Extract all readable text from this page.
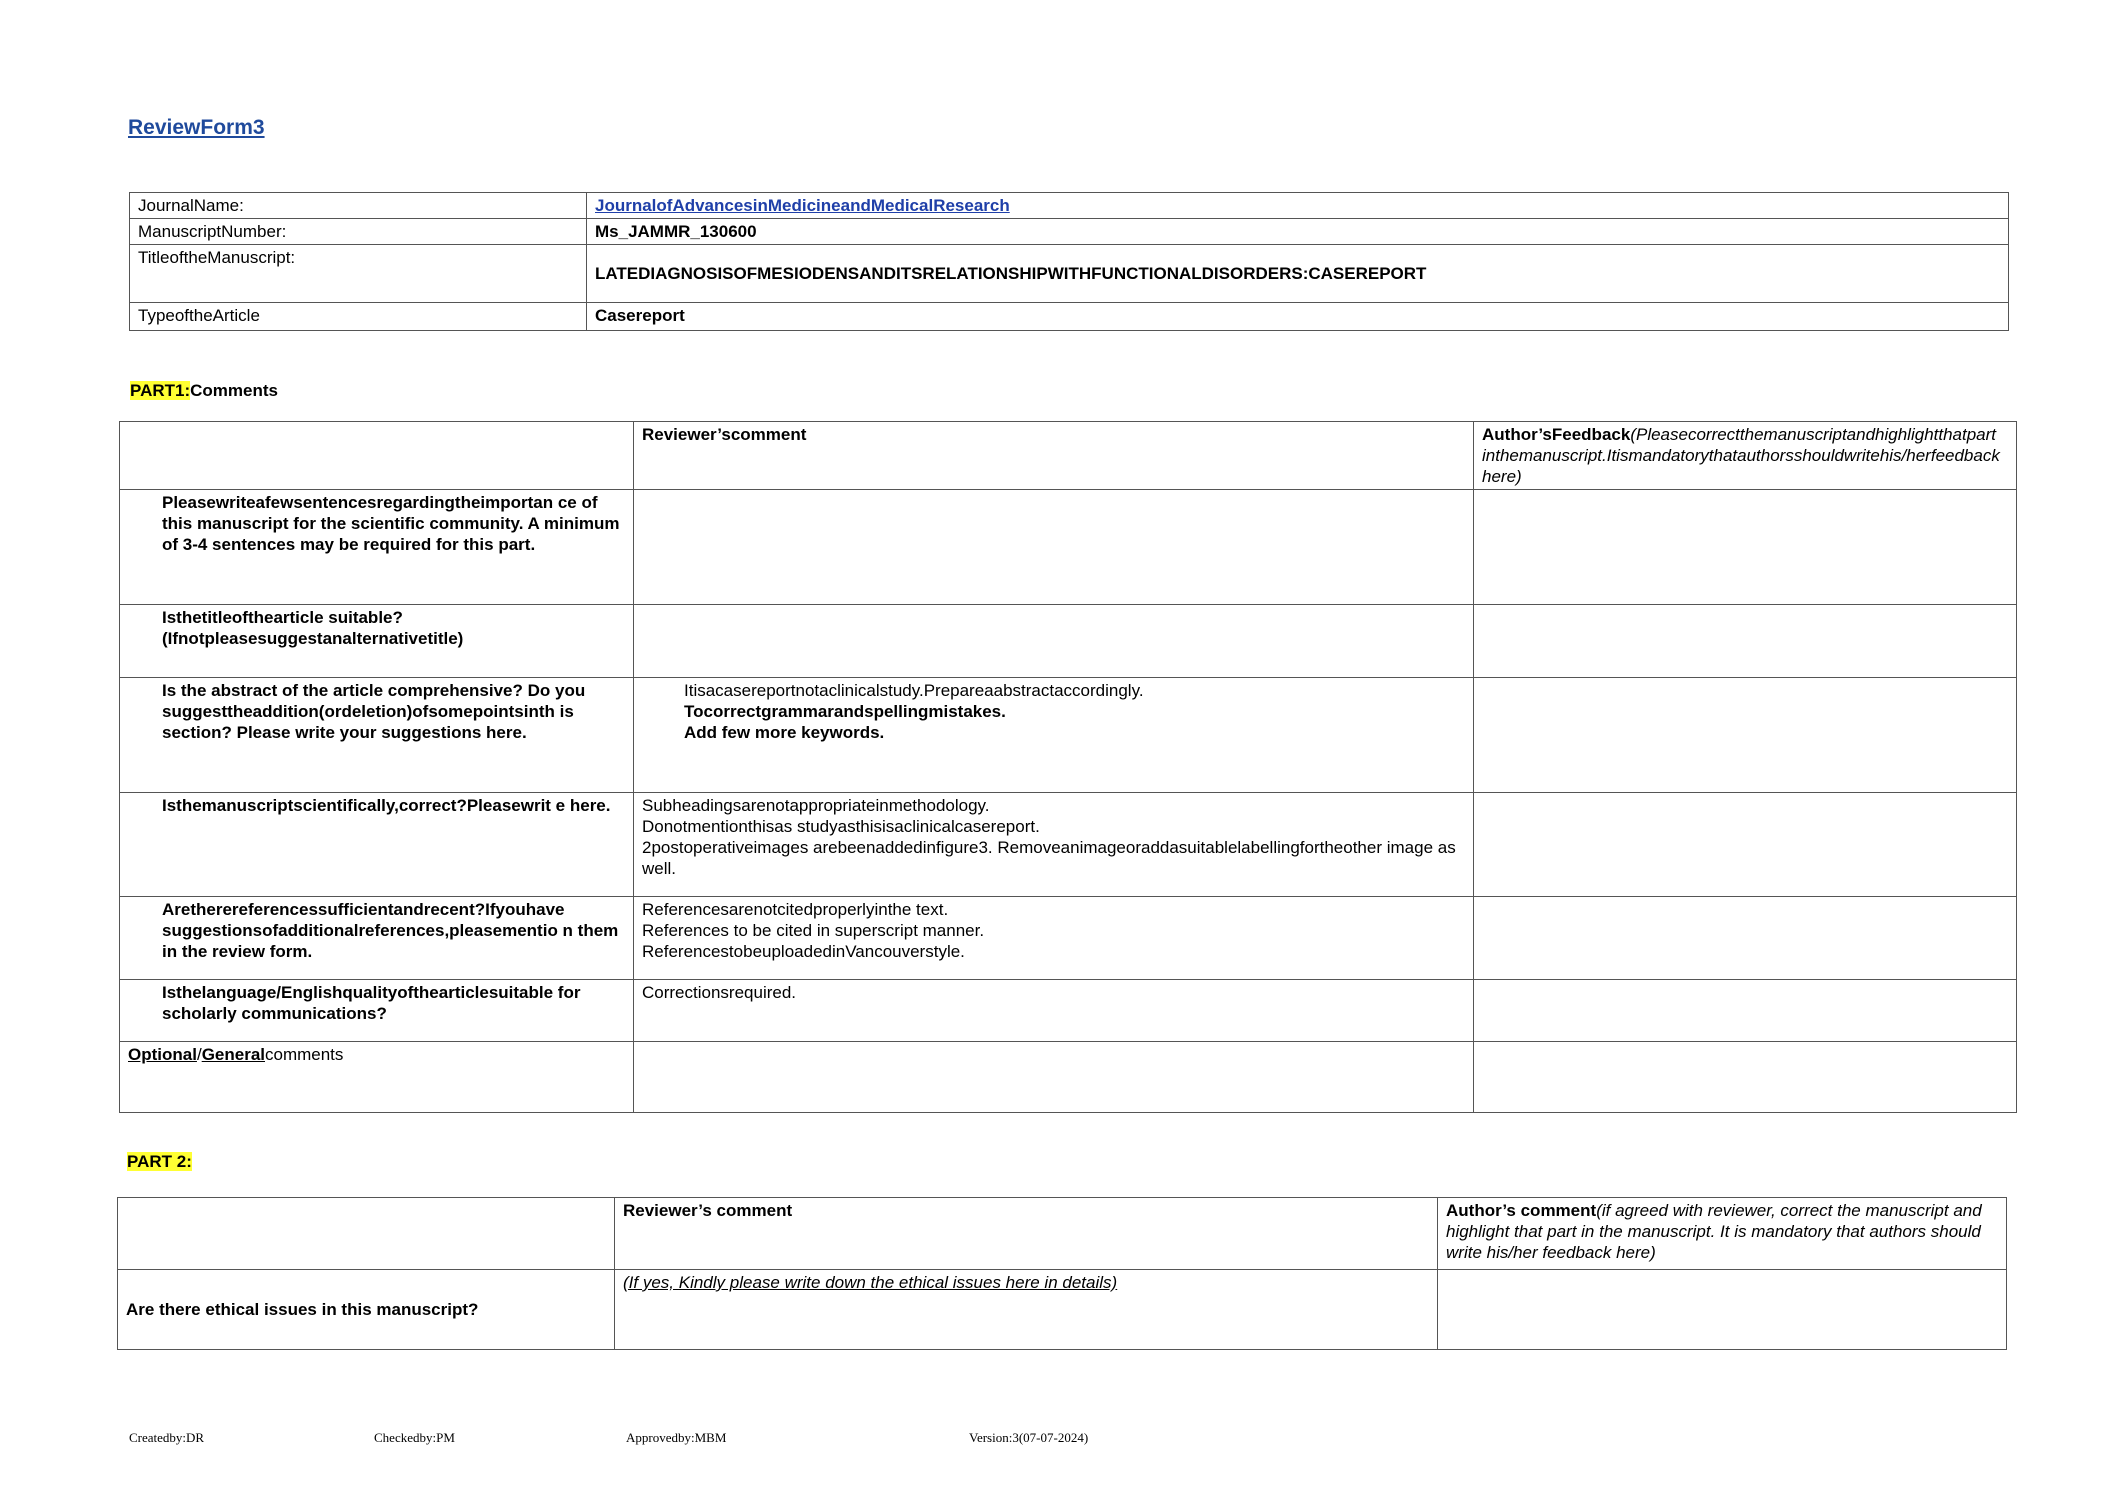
ReviewForm3
JournalName:	JournalofAdvancesinMedicineandMedicalResearch
ManuscriptNumber:	Ms_JAMMR_130600
TitleoftheManuscript:	LATEDIAGNOSISOFMESIODENSANDITSRELATIONSHIPWITHFUNCTIONALDISORDERS:CASEREPORT
TypeoftheArticle	Casereport
PART1:Comments
	Reviewer’scomment	Author’sFeedback(Pleasecorrectthemanuscriptandhighlightthatpart inthemanuscript.Itismandatorythatauthorsshouldwritehis/herfeedback here)
Pleasewriteafewsentencesregardingtheimportan ce of this manuscript for the scientific community. A minimum of 3-4 sentences may be required for this part.		
Isthetitleofthearticle suitable? (Ifnotpleasesuggestanalternativetitle)		
Is the abstract of the article comprehensive? Do you suggesttheaddition(ordeletion)ofsomepointsinth is section? Please write your suggestions here.	Itisacasereportnotaclinicalstudy.Prepareaabstractaccordingly.
Tocorrectgrammarandspellingmistakes.
Add few more keywords.	

Isthemanuscriptscientifically,correct?Pleasewrit e here.	Subheadingsarenotappropriateinmethodology.
Donotmentionthisas studyasthisisaclinicalcasereport.
2postoperativeimages arebeenaddedinfigure3. Removeanimageoraddasuitablelabellingfortheother image as well.	

Aretherereferencessufficientandrecent?Ifyouhave suggestionsofadditionalreferences,pleasementio n them in the review form.	Referencesarenotcitedproperlyinthe text.
References to be cited in superscript manner.
ReferencestobeuploadedinVancouverstyle.	

Isthelanguage/Englishqualityofthearticlesuitable for scholarly communications?	Correctionsrequired.	

Optional/Generalcomments		
PART 2:
	Reviewer’s comment	Author’s comment(if agreed with reviewer, correct the manuscript and highlight that part in the manuscript. It is mandatory that authors should write his/her feedback here)
Are there ethical issues in this manuscript?	(If yes, Kindly please write down the ethical issues here in details)	
Createdby:DR	Checkedby:PM	Approvedby:MBM	Version:3(07-07-2024)
